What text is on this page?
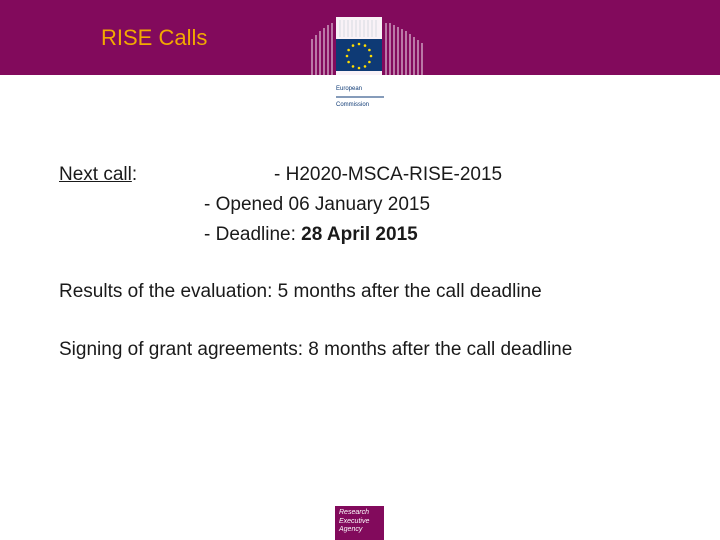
RISE Calls

European

Commission

Next call:	- H2020-MSCA-RISE-2015
- Opened 06 January 2015
- Deadline: 28 April 2015
Results of the evaluation: 5 months after the call deadline
Signing of grant agreements: 8 months after the call deadline
Research
Executive
Agency
